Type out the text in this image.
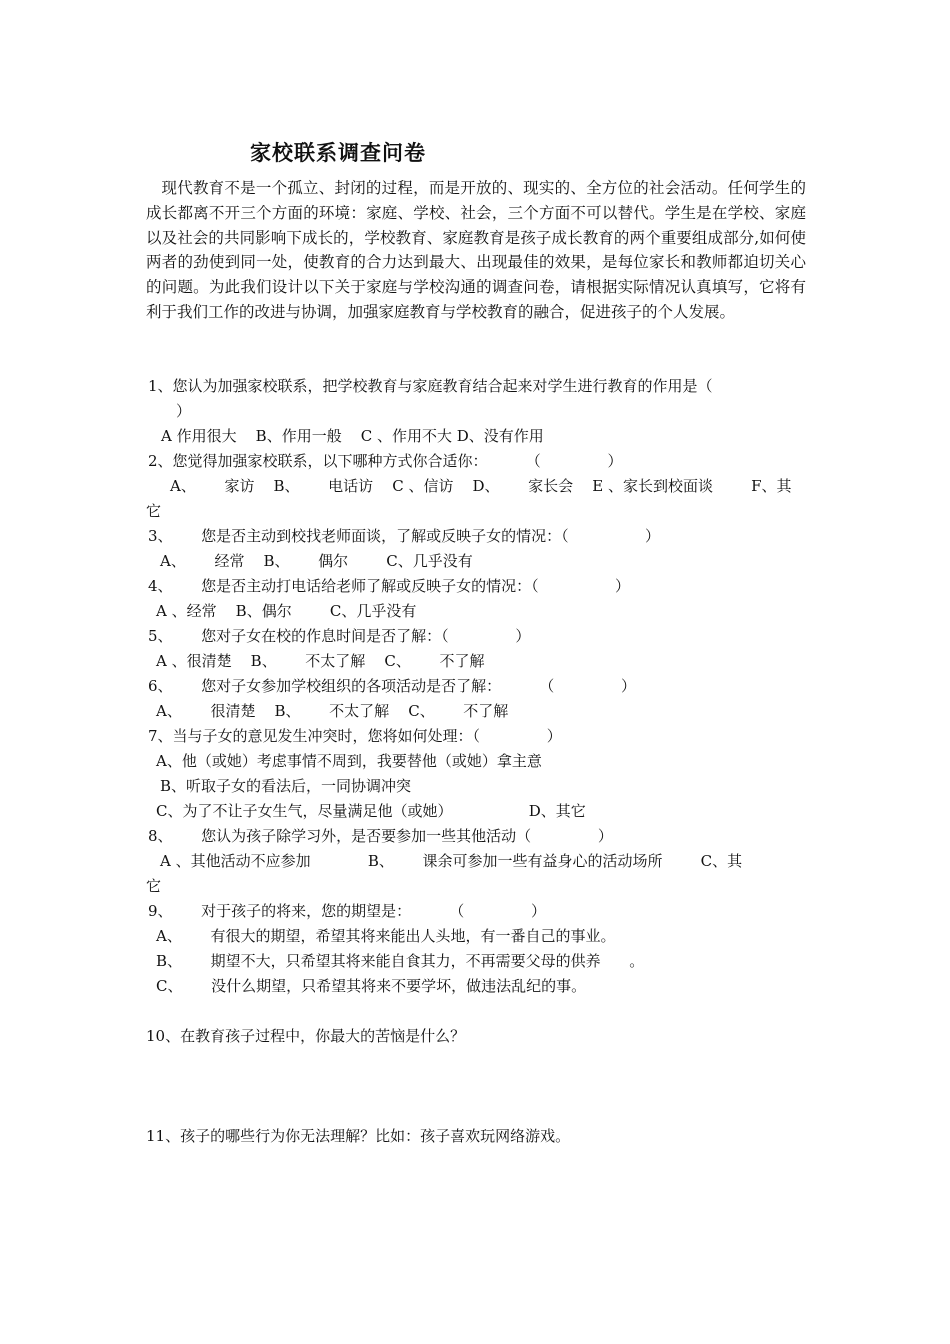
家校联系调查问卷

现代教育不是一个孤立、封闭的过程，而是开放的、现实的、全方位的社会活动。任何学生的成长都离不开三个方面的环境：家庭、学校、社会，三个方面不可以替代。学生是在学校、家庭以及社会的共同影响下成长的，学校教育、家庭教育是孩子成长教育的两个重要组成部分,如何使两者的劲使到同一处，使教育的合力达到最大、出现最佳的效果，是每位家长和教师都迫切关心的问题。为此我们设计以下关于家庭与学校沟通的调查问卷，请根据实际情况认真填写，它将有利于我们工作的改进与协调，加强家庭教育与学校教育的融合，促进孩子的个人发展。

1、您认为加强家校联系，把学校教育与家庭教育结合起来对学生进行教育的作用是（
）
A 作用很大    B、作用一般    C 、作用不大 D、没有作用
2、您觉得加强家校联系，以下哪种方式你合适你：        （              ）
A、      家访    B、      电话访    C 、信访    D、      家长会    E 、家长到校面谈        F、其
它
3、      您是否主动到校找老师面谈，了解或反映子女的情况：（                ）
A、      经常    B、      偶尔        C、几乎没有
4、      您是否主动打电话给老师了解或反映子女的情况：（                ）
A 、经常    B、偶尔        C、几乎没有
5、      您对子女在校的作息时间是否了解：（              ）
A 、很清楚    B、      不太了解    C、      不了解
6、      您对子女参加学校组织的各项活动是否了解：        （              ）
A、      很清楚    B、      不太了解    C、      不了解
7、当与子女的意见发生冲突时，您将如何处理：（              ）
A、他（或她）考虑事情不周到，我要替他（或她）拿主意
B、听取子女的看法后，一同协调冲突
C、为了不让子女生气，尽量满足他（或她）                D、其它
8、      您认为孩子除学习外，是否要参加一些其他活动（              ）
A 、其他活动不应参加            B、      课余可参加一些有益身心的活动场所        C、其
它
9、      对于孩子的将来，您的期望是：        （              ）
A、      有很大的期望，希望其将来能出人头地，有一番自己的事业。
B、      期望不大，只希望其将来能自食其力，不再需要父母的供养      。
C、      没什么期望，只希望其将来不要学坏，做违法乱纪的事。
10、在教育孩子过程中，你最大的苦恼是什么？
11、孩子的哪些行为你无法理解？比如：孩子喜欢玩网络游戏。
